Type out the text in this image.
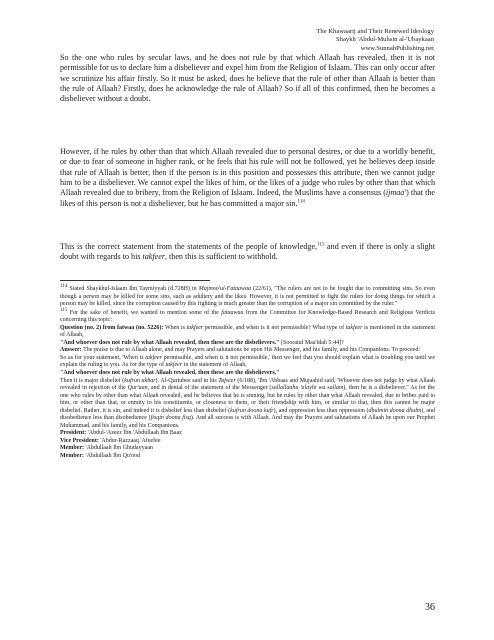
The Khawaarij and Their Renewed Ideology
Shaykh 'Abdul-Muhsin al-'Ubaykaan
www.SunnahPublishing.net

So the one who rules by secular laws, and he does not rule by that which Allaah has revealed, then it is not permissible for us to declare him a disbeliever and expel him from the Religion of Islaam. This can only occur after we scrutinize his affair firstly. So it must be asked, does he believe that the rule of other than Allaah is better than the rule of Allaah? Firstly, does he acknowledge the rule of Allaah? So if all of this confirmed, then he becomes a disbeliever without a doubt.

However, if he rules by other than that which Allaah revealed due to personal desires, or due to a worldly benefit, or due to fear of someone in higher rank, or he feels that his rule will not be followed, yet he believes deep inside that rule of Allaah is better, then if the person is in this position and possesses this attribute, then we cannot judge him to be a disbeliever. We cannot expel the likes of him, or the likes of a judge who rules by other than that which Allaah revealed due to bribery, from the Religion of Islaam. Indeed, the Muslims have a consensus (ijmaa') that the likes of this person is not a disbeliever, but he has committed a major sin.$^{114}$

This is the correct statement from the statements of the people of knowledge,$^{115}$ and even if there is only a slight doubt with regards to his takfeer, then this is sufficient to withhold.

$^{114}$ Stated Shaykhul-Islaam Ibn Taymiyyah (d.728H) in Majmoo'ul-Fataawaa (22/61), "The rulers are not to be fought due to committing sins. So even though a person may be killed for some sins, such as adultery and the likes. However, it is not permitted to fight the rulers for doing things for which a person may be killed, since the corruption caused by this fighting is much greater than the corruption of a major sin committed by the ruler."

$^{115}$ For the sake of benefit, we wanted to mention some of the fataawaa from the Committee for Knowledge-Based Research and Religious Verdicts concerning this topic:

Question (no. 2) from fatwaa (no. 5226): When is takfeer permissible, and when is it not permissible? What type of takfeer is mentioned in the statement of Allaah,

"And whoever does not rule by what Allaah revealed, then these are the disbelievers." [Sooratul Maa'idah 5:44]?

Answer: The praise is due to Allaah alone, and may Prayers and salutations be upon His Messenger, and his family, and his Companions. To proceed:

So as for your statement, 'When is takfeer permissible, and when is it not permissible,' then we feel that you should explain what is troubling you until we explain the ruling to you. As for the type of takfeer in the statement of Allaah,

"And whoever does not rule by what Allaah revealed, then these are the disbelievers,"

Then it is major disbelief (kufrun akbar). Al-Qurtubee said in his Tafseer (6/188), 'Ibn 'Abbaas and Mujaahid said, 'Whoever does not judge by what Allaah revealed in rejection of the Qur'aan, and in denial of the statement of the Messenger (sallallaahu 'alayhi wa sallam), then he is a disbeliever." As for the one who rules by other than what Allaah revealed, and he believes that he is sinning, but he rules by other than what Allaah revealed, due to bribes paid to him, or other than that, or enmity to his constituents, or closeness to them, or their friendship with him, or similar to that, then this cannot be major disbelief. Rather, it is sin, and indeed it is disbelief less than disbelief (kufrun doona kufr), and oppression less than oppression (dhulmin doona dhulm), and disobedience less than disobedience (fisqin doona fisq). And all success is with Allaah. And may the Prayers and salutations of Allaah be upon our Prophet Muhammad, and his family, and his Companions.

President: 'Abdul-'Azeez Ibn 'Abdullaah Ibn Baaz

Vice President: 'Abdur-Razzaaq 'Afeefee

Member: 'Abdullaah Ibn Ghudayyaan

Member: 'Abdullaah Ibn Qu'ood

36
